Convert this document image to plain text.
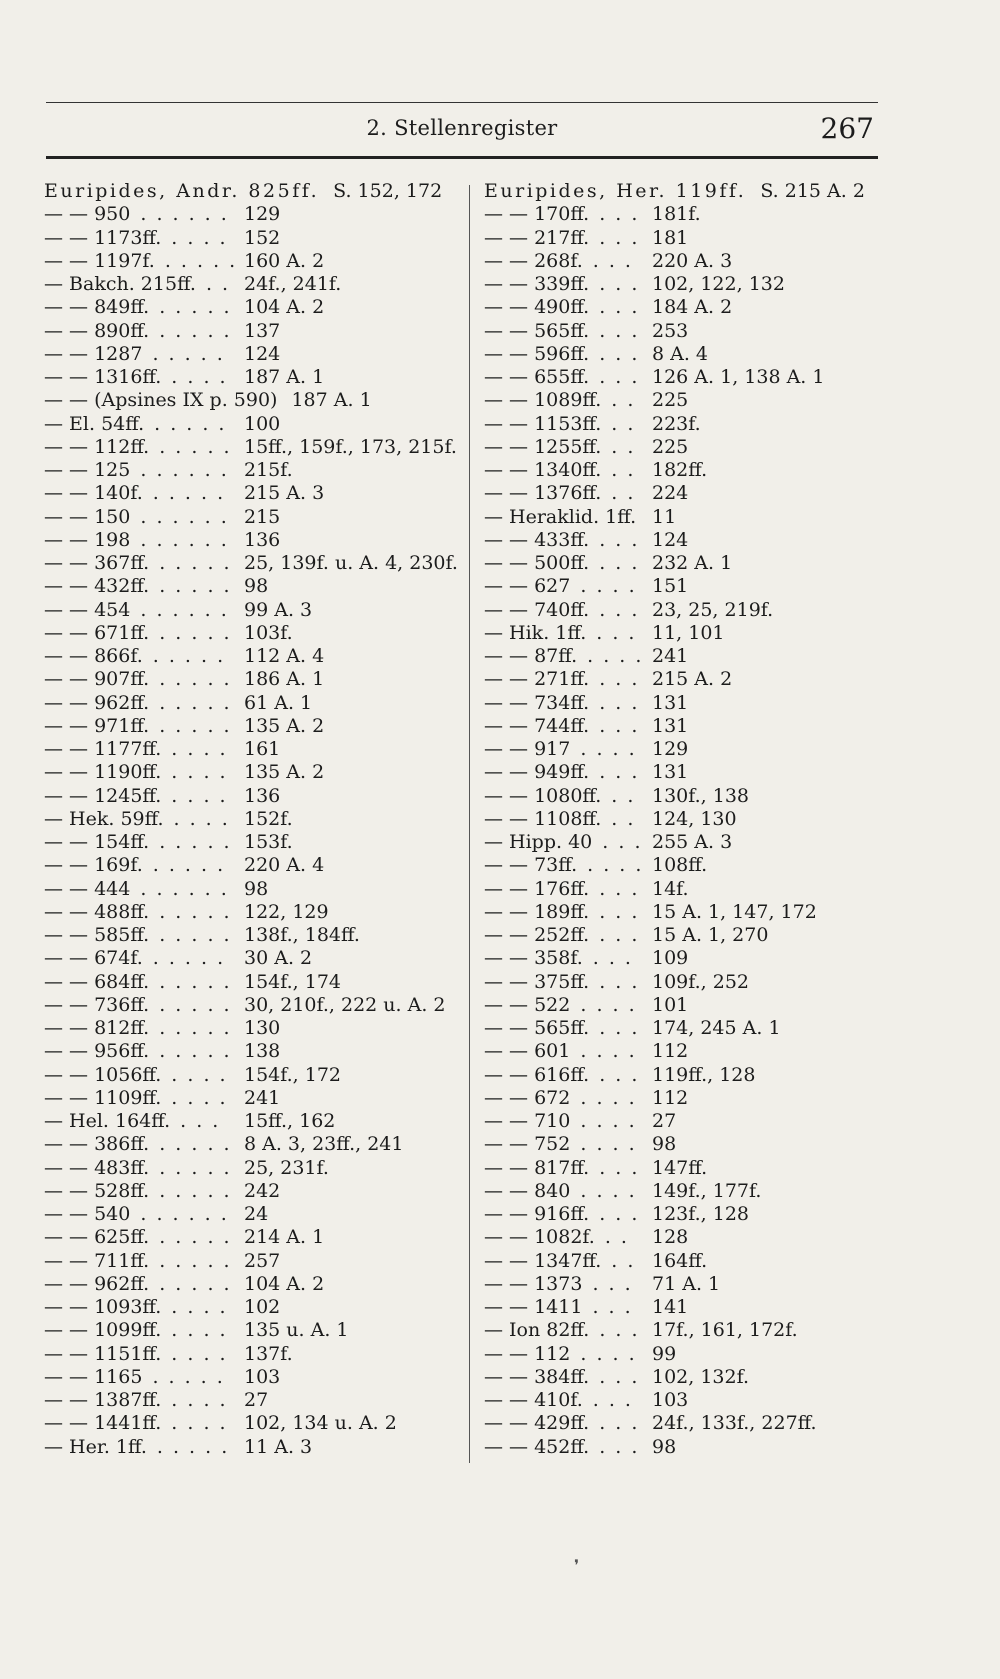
2. Stellenregister	267
Euripides, Andr. 825ff. S. 152, 172
— — 950	129
. . . . . .
— — 1173ff.	152
. . . .
— — 1197f.	160 A. 2
. . . . .
— Bakch. 215ff.	24f., 241f.
. .
— — 849ff.	104 A. 2
. . . . .
— — 890ff.	137
. . . . .
— — 1287	124
. . . . .
— — 1316ff.	187 A. 1
. . . .
— — (Apsines IX p. 590) 187 A. 1
— El. 54ff.	100
. . . . .
— — 112ff.	15ff., 159f., 173, 215f.
. . . . .
— — 125	215f.
. . . . . .
— — 140f.	215 A. 3
. . . . .
— — 150	215
. . . . . .
— — 198	136
. . . . . .
— — 367ff.	25, 139f. u. A. 4, 230f.
. . . . .
— — 432ff.	98
. . . . .
— — 454	99 A. 3
. . . . . .
— — 671ff.	103f.
. . . . .
— — 866f.	112 A. 4
. . . . .
— — 907ff.	186 A. 1
. . . . .
— — 962ff.	61 A. 1
. . . . .
— — 971ff.	135 A. 2
. . . . .
— — 1177ff.	161
. . . .
— — 1190ff.	135 A. 2
. . . .
— — 1245ff.	136
. . . .
— Hek. 59ff.	152f.
. . . .
— — 154ff.	153f.
. . . . .
— — 169f.	220 A. 4
. . . . .
— — 444	98
. . . . . .
— — 488ff.	122, 129
. . . . .
— — 585ff.	138f., 184ff.
. . . . .
— — 674f.	30 A. 2
. . . . .
— — 684ff.	154f., 174
. . . . .
— — 736ff.	30, 210f., 222 u. A. 2
. . . . .
— — 812ff.	130
. . . . .
— — 956ff.	138
. . . . .
— — 1056ff.	154f., 172
. . . .
— — 1109ff.	241
. . . .
— Hel. 164ff.	15ff., 162
. . .
— — 386ff.	8 A. 3, 23ff., 241
. . . . .
— — 483ff.	25, 231f.
. . . . .
— — 528ff.	242
. . . . .
— — 540	24
. . . . . .
— — 625ff.	214 A. 1
. . . . .
— — 711ff.	257
. . . . .
— — 962ff.	104 A. 2
. . . . .
— — 1093ff.	102
. . . .
— — 1099ff.	135 u. A. 1
. . . .
— — 1151ff.	137f.
. . . .
— — 1165	103
. . . . .
— — 1387ff.	27
. . . .
— — 1441ff.	102, 134 u. A. 2
. . . .
— Her. 1ff.	11 A. 3
. . . . .
Euripides, Her. 119ff. S. 215 A. 2
— — 170ff.	181f.
. . .
— — 217ff.	181
. . .
— — 268f.	220 A. 3
. . .
— — 339ff.	102, 122, 132
. . .
— — 490ff.	184 A. 2
. . .
— — 565ff.	253
. . .
— — 596ff.	8 A. 4
. . .
— — 655ff.	126 A. 1, 138 A. 1
. . .
— — 1089ff.	225
. .
— — 1153ff.	223f.
. .
— — 1255ff.	225
. .
— — 1340ff.	182ff.
. .
— — 1376ff.	224
. .
— Heraklid. 1ff. 11
— — 433ff.	124
. . .
— — 500ff.	232 A. 1
. . .
— — 627	151
. . . .
— — 740ff.	23, 25, 219f.
. . .
— Hik. 1ff.	11, 101
. . .
— — 87ff.	241
. . . .
— — 271ff.	215 A. 2
. . .
— — 734ff.	131
. . .
— — 744ff.	131
. . .
— — 917	129
. . . .
— — 949ff.	131
. . .
— — 1080ff.	130f., 138
. .
— — 1108ff.	124, 130
. .
— Hipp. 40	255 A. 3
. . .
— — 73ff.	108ff.
. . . .
— — 176ff.	14f.
. . .
— — 189ff.	15 A. 1, 147, 172
. . .
— — 252ff.	15 A. 1, 270
. . .
— — 358f.	109
. . .
— — 375ff.	109f., 252
. . .
— — 522	101
. . . .
— — 565ff.	174, 245 A. 1
. . .
— — 601	112
. . . .
— — 616ff.	119ff., 128
. . .
— — 672	112
. . . .
— — 710	27
. . . .
— — 752	98
. . . .
— — 817ff.	147ff.
. . .
— — 840	149f., 177f.
. . . .
— — 916ff.	123f., 128
. . .
— — 1082f.	128
. .
— — 1347ff.	164ff.
. .
— — 1373	71 A. 1
. . .
— — 1411	141
. . .
— Ion 82ff.	17f., 161, 172f.
. . .
— — 112	99
. . . .
— — 384ff.	102, 132f.
. . .
— — 410f.	103
. . .
— — 429ff.	24f., 133f., 227ff.
. . .
— — 452ff.	98
. . .
❜
